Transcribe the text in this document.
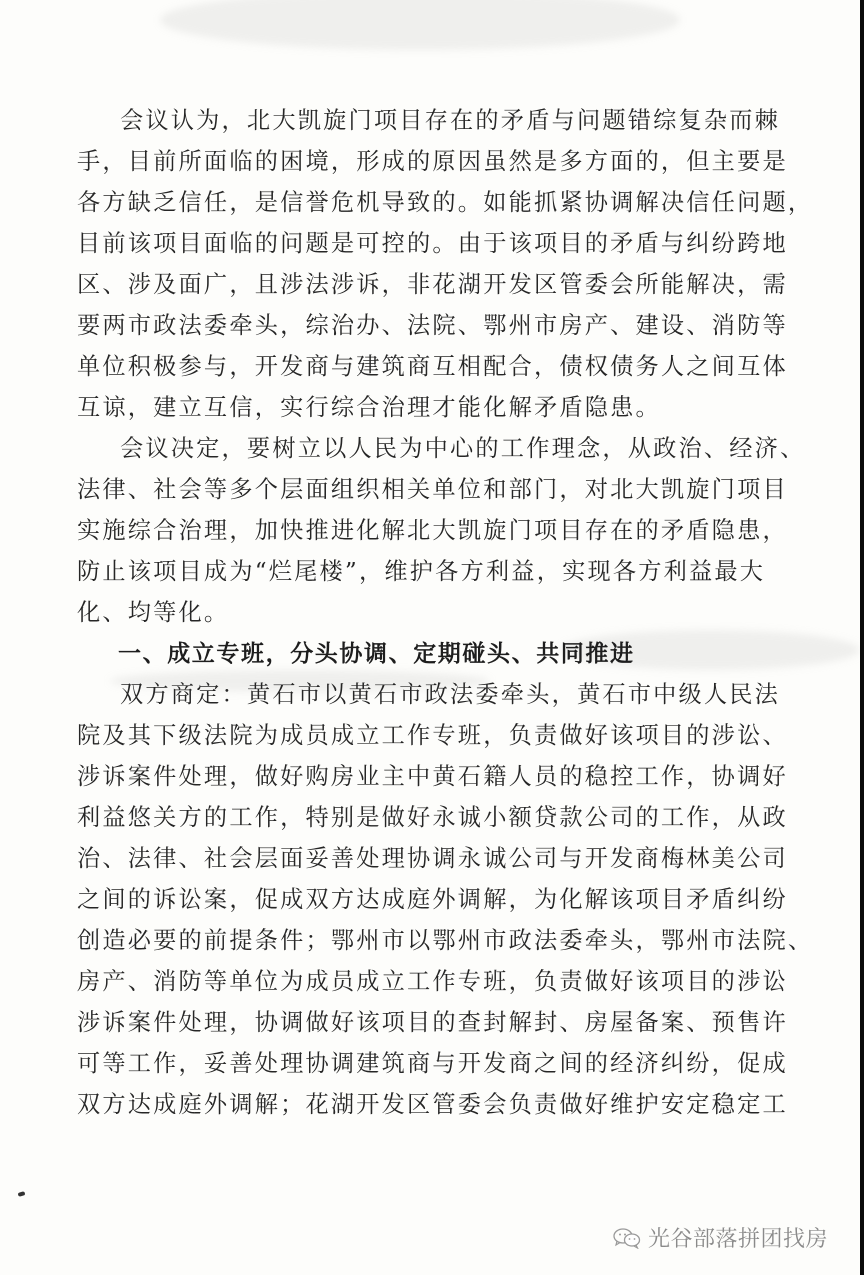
会议认为，北大凯旋门项目存在的矛盾与问题错综复杂而棘
手，目前所面临的困境，形成的原因虽然是多方面的，但主要是
各方缺乏信任，是信誉危机导致的。如能抓紧协调解决信任问题，
目前该项目面临的问题是可控的。由于该项目的矛盾与纠纷跨地
区、涉及面广，且涉法涉诉，非花湖开发区管委会所能解决，需
要两市政法委牵头，综治办、法院、鄂州市房产、建设、消防等
单位积极参与，开发商与建筑商互相配合，债权债务人之间互体
互谅，建立互信，实行综合治理才能化解矛盾隐患。
会议决定，要树立以人民为中心的工作理念，从政治、经济、
法律、社会等多个层面组织相关单位和部门，对北大凯旋门项目
实施综合治理，加快推进化解北大凯旋门项目存在的矛盾隐患，
防止该项目成为“烂尾楼”，维护各方利益，实现各方利益最大
化、均等化。
一、成立专班，分头协调、定期碰头、共同推进
双方商定：黄石市以黄石市政法委牵头，黄石市中级人民法
院及其下级法院为成员成立工作专班，负责做好该项目的涉讼、
涉诉案件处理，做好购房业主中黄石籍人员的稳控工作，协调好
利益悠关方的工作，特别是做好永诚小额贷款公司的工作，从政
治、法律、社会层面妥善处理协调永诚公司与开发商梅林美公司
之间的诉讼案，促成双方达成庭外调解，为化解该项目矛盾纠纷
创造必要的前提条件；鄂州市以鄂州市政法委牵头，鄂州市法院、
房产、消防等单位为成员成立工作专班，负责做好该项目的涉讼
涉诉案件处理，协调做好该项目的查封解封、房屋备案、预售许
可等工作，妥善处理协调建筑商与开发商之间的经济纠纷，促成
双方达成庭外调解；花湖开发区管委会负责做好维护安定稳定工
光谷部落拼团找房
